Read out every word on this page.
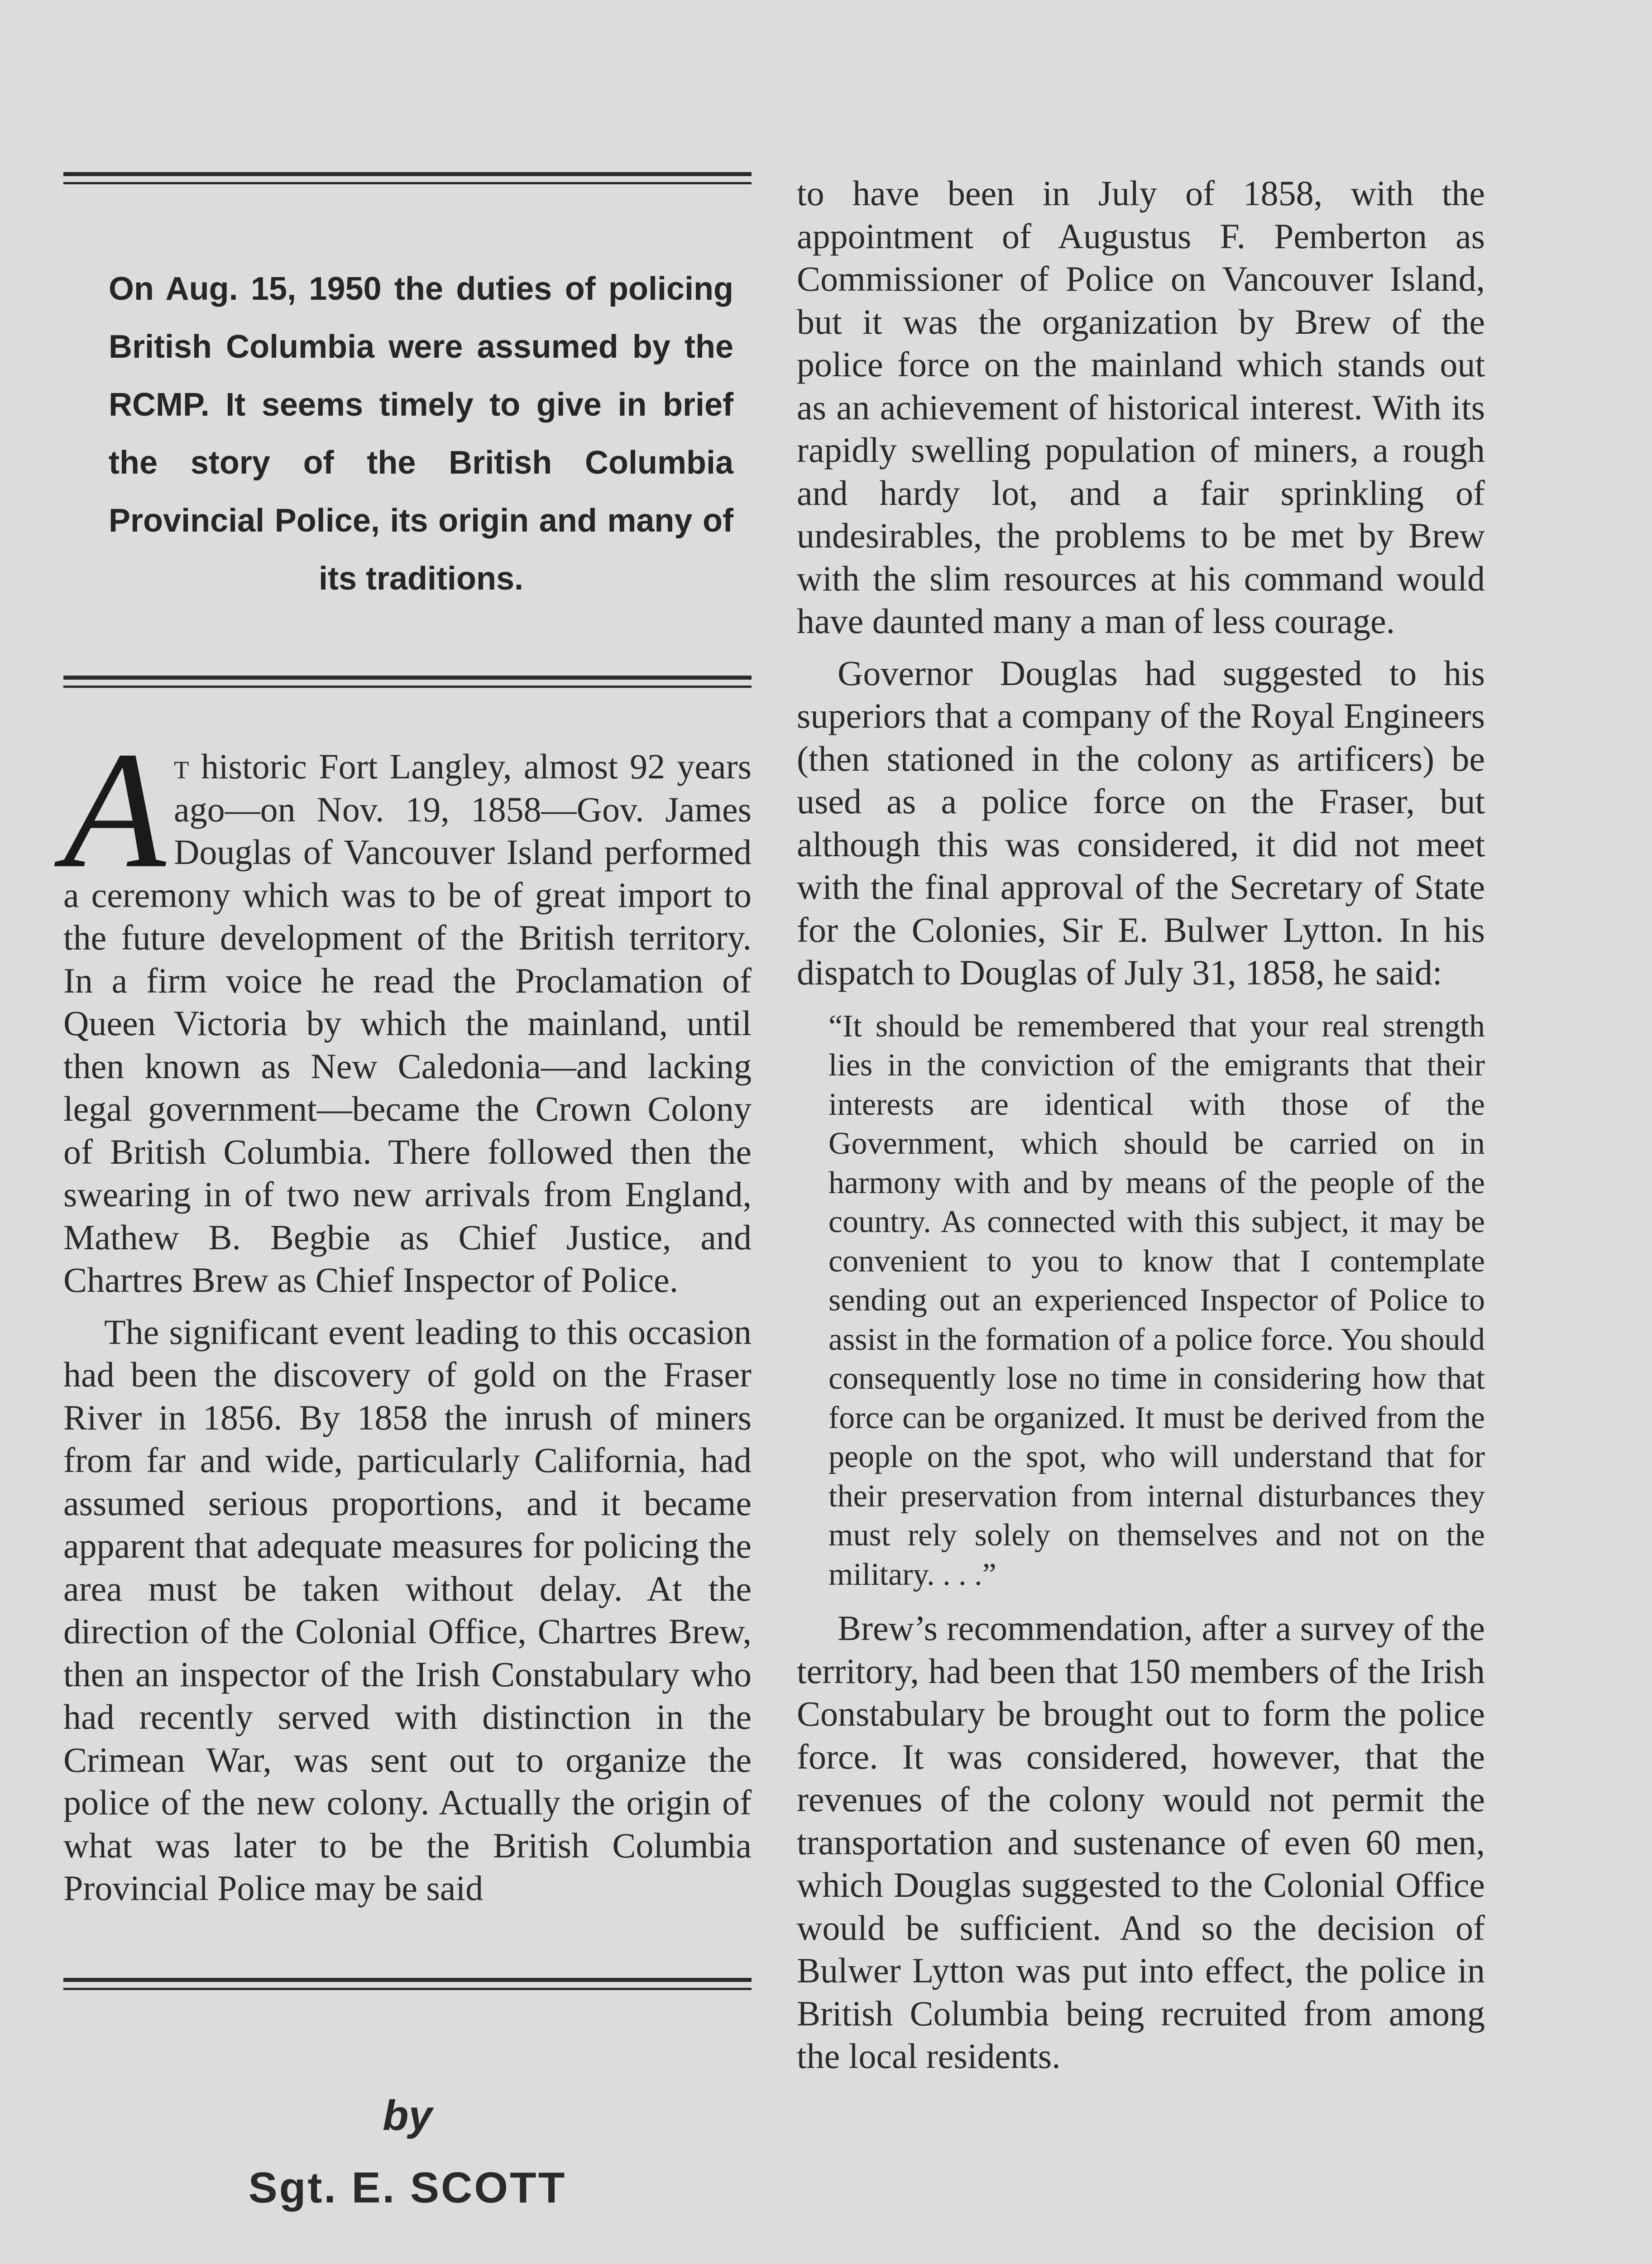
On Aug. 15, 1950 the duties of policing British Columbia were assumed by the RCMP. It seems timely to give in brief the story of the British Columbia Provincial Police, its origin and many of its traditions.

At historic Fort Langley, almost 92 years ago—on Nov. 19, 1858—Gov. James Douglas of Vancouver Island performed a ceremony which was to be of great import to the future development of the British territory. In a firm voice he read the Proclamation of Queen Victoria by which the mainland, until then known as New Caledonia—and lacking legal government—became the Crown Colony of British Columbia. There followed then the swearing in of two new arrivals from England, Mathew B. Begbie as Chief Justice, and Chartres Brew as Chief Inspector of Police.

The significant event leading to this occasion had been the discovery of gold on the Fraser River in 1856. By 1858 the inrush of miners from far and wide, particularly California, had assumed serious proportions, and it became apparent that adequate measures for policing the area must be taken without delay. At the direction of the Colonial Office, Chartres Brew, then an inspector of the Irish Constabulary who had recently served with distinction in the Crimean War, was sent out to organize the police of the new colony. Actually the origin of what was later to be the British Columbia Provincial Police may be said

by
Sgt. E. SCOTT

to have been in July of 1858, with the appointment of Augustus F. Pemberton as Commissioner of Police on Vancouver Island, but it was the organization by Brew of the police force on the mainland which stands out as an achievement of historical interest. With its rapidly swelling population of miners, a rough and hardy lot, and a fair sprinkling of undesirables, the problems to be met by Brew with the slim resources at his command would have daunted many a man of less courage.

Governor Douglas had suggested to his superiors that a company of the Royal Engineers (then stationed in the colony as artificers) be used as a police force on the Fraser, but although this was considered, it did not meet with the final approval of the Secretary of State for the Colonies, Sir E. Bulwer Lytton. In his dispatch to Douglas of July 31, 1858, he said:

“It should be remembered that your real strength lies in the conviction of the emigrants that their interests are identical with those of the Government, which should be carried on in harmony with and by means of the people of the country. As connected with this subject, it may be convenient to you to know that I contemplate sending out an experienced Inspector of Police to assist in the formation of a police force. You should consequently lose no time in considering how that force can be organized. It must be derived from the people on the spot, who will understand that for their preservation from internal disturbances they must rely solely on themselves and not on the military. . . .”

Brew’s recommendation, after a survey of the territory, had been that 150 members of the Irish Constabulary be brought out to form the police force. It was considered, however, that the revenues of the colony would not permit the transportation and sustenance of even 60 men, which Douglas suggested to the Colonial Office would be sufficient. And so the decision of Bulwer Lytton was put into effect, the police in British Columbia being recruited from among the local residents.
